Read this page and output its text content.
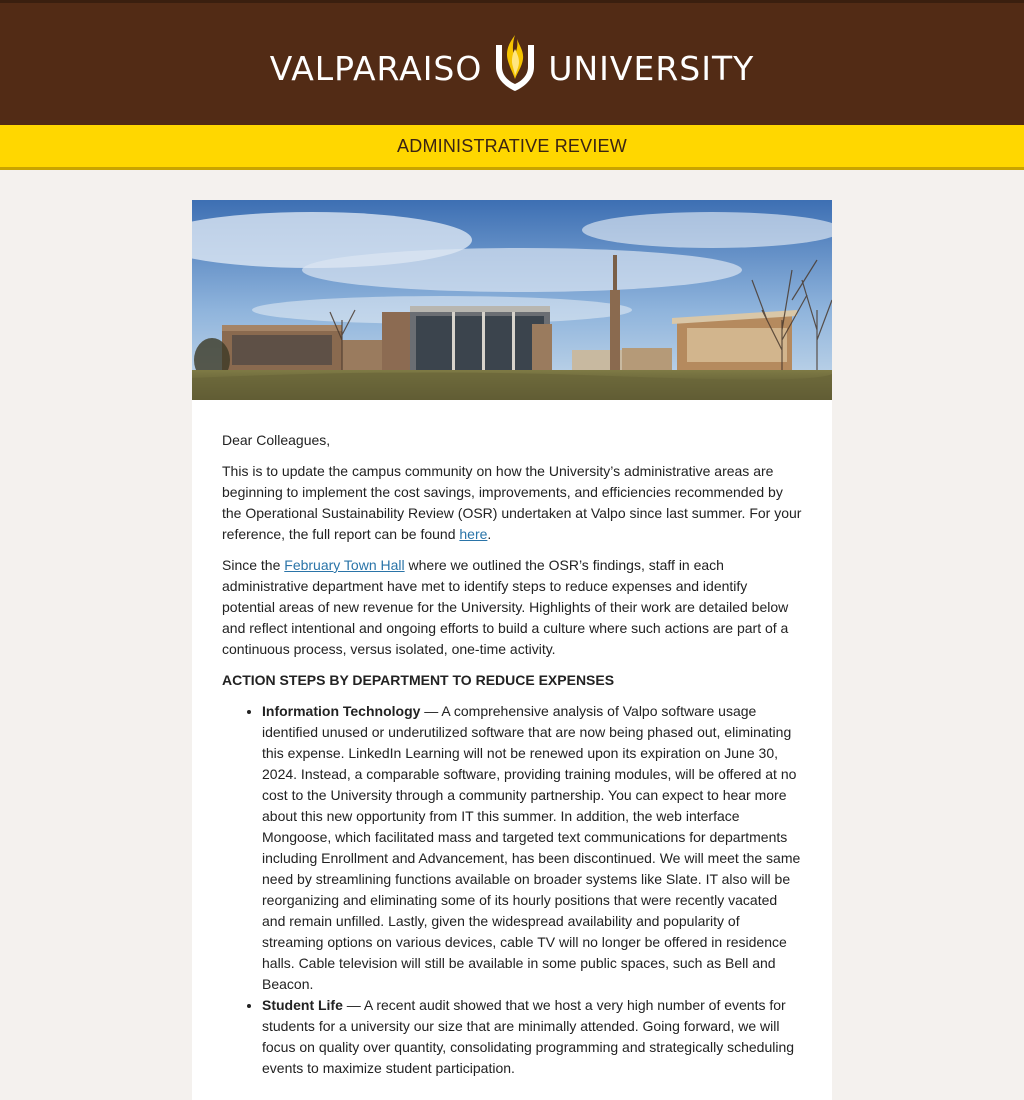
VALPARAISO UNIVERSITY
ADMINISTRATIVE REVIEW

Dear Colleagues,

This is to update the campus community on how the University’s administrative areas are beginning to implement the cost savings, improvements, and efficiencies recommended by the Operational Sustainability Review (OSR) undertaken at Valpo since last summer. For your reference, the full report can be found here.

Since the February Town Hall where we outlined the OSR’s findings, staff in each administrative department have met to identify steps to reduce expenses and identify potential areas of new revenue for the University. Highlights of their work are detailed below and reflect intentional and ongoing efforts to build a culture where such actions are part of a continuous process, versus isolated, one-time activity.

ACTION STEPS BY DEPARTMENT TO REDUCE EXPENSES

• Information Technology — A comprehensive analysis of Valpo software usage identified unused or underutilized software that are now being phased out, eliminating this expense. LinkedIn Learning will not be renewed upon its expiration on June 30, 2024. Instead, a comparable software, providing training modules, will be offered at no cost to the University through a community partnership. You can expect to hear more about this new opportunity from IT this summer. In addition, the web interface Mongoose, which facilitated mass and targeted text communications for departments including Enrollment and Advancement, has been discontinued. We will meet the same need by streamlining functions available on broader systems like Slate. IT also will be reorganizing and eliminating some of its hourly positions that were recently vacated and remain unfilled. Lastly, given the widespread availability and popularity of streaming options on various devices, cable TV will no longer be offered in residence halls. Cable television will still be available in some public spaces, such as Bell and Beacon.
• Student Life — A recent audit showed that we host a very high number of events for students for a university our size that are minimally attended. Going forward, we will focus on quality over quantity, consolidating programming and strategically scheduling events to maximize student participation.
